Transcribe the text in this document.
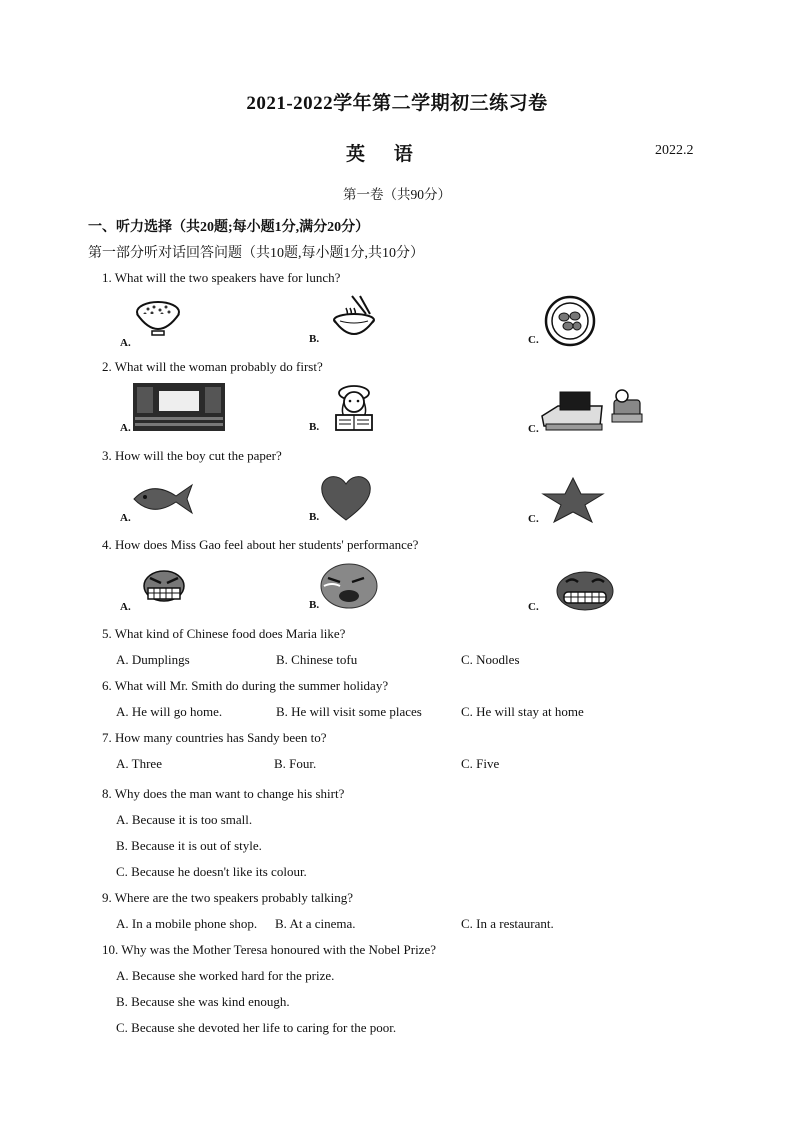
2021-2022学年第二学期初三练习卷
英 语	2022.2
第一卷（共90分）
一、听力选择（共20题;每小题1分,满分20分）
第一部分听对话回答问题（共10题,每小题1分,共10分）
1. What will the two speakers have for lunch?
A.	B.	C.
2. What will the woman probably do first?
A.	B.	C.
3. How will the boy cut the paper?
A.	B.	C.
4. How does Miss Gao feel about her students' performance?
A.	B.	C.
5. What kind of Chinese food does Maria like?
A. Dumplings	B. Chinese tofu	C. Noodles
6. What will Mr. Smith do during the summer holiday?
A. He will go home.	B. He will visit some places	C. He will stay at home
7. How many countries has Sandy been to?
A. Three	B. Four.	C. Five
8. Why does the man want to change his shirt?
A. Because it is too small.
B. Because it is out of style.
C. Because he doesn't like its colour.
9. Where are the two speakers probably talking?
A. In a mobile phone shop. B. At a cinema.	C. In a restaurant.
10. Why was the Mother Teresa honoured with the Nobel Prize?
A. Because she worked hard for the prize.
B. Because she was kind enough.
C. Because she devoted her life to caring for the poor.
